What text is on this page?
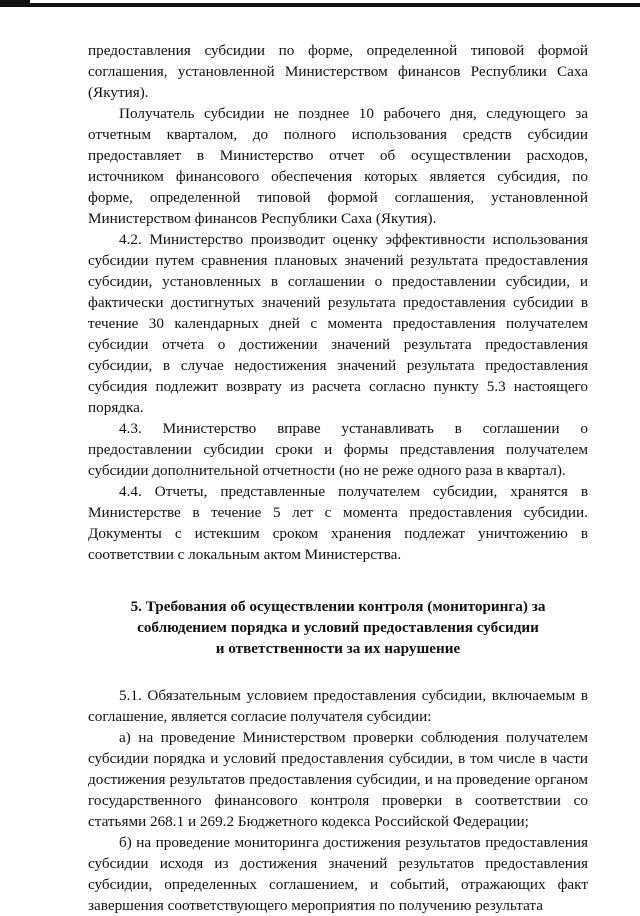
предоставления субсидии по форме, определенной типовой формой соглашения, установленной Министерством финансов Республики Саха (Якутия).

Получатель субсидии не позднее 10 рабочего дня, следующего за отчетным кварталом, до полного использования средств субсидии предоставляет в Министерство отчет об осуществлении расходов, источником финансового обеспечения которых является субсидия, по форме, определенной типовой формой соглашения, установленной Министерством финансов Республики Саха (Якутия).

4.2. Министерство производит оценку эффективности использования субсидии путем сравнения плановых значений результата предоставления субсидии, установленных в соглашении о предоставлении субсидии, и фактически достигнутых значений результата предоставления субсидии в течение 30 календарных дней с момента предоставления получателем субсидии отчета о достижении значений результата предоставления субсидии, в случае недостижения значений результата предоставления субсидия подлежит возврату из расчета согласно пункту 5.3 настоящего порядка.

4.3. Министерство вправе устанавливать в соглашении о предоставлении субсидии сроки и формы представления получателем субсидии дополнительной отчетности (но не реже одного раза в квартал).

4.4. Отчеты, представленные получателем субсидии, хранятся в Министерстве в течение 5 лет с момента предоставления субсидии. Документы с истекшим сроком хранения подлежат уничтожению в соответствии с локальным актом Министерства.

5. Требования об осуществлении контроля (мониторинга) за
соблюдением порядка и условий предоставления субсидии
и ответственности за их нарушение

5.1. Обязательным условием предоставления субсидии, включаемым в соглашение, является согласие получателя субсидии:

а) на проведение Министерством проверки соблюдения получателем субсидии порядка и условий предоставления субсидии, в том числе в части достижения результатов предоставления субсидии, и на проведение органом государственного финансового контроля проверки в соответствии со статьями 268.1 и 269.2 Бюджетного кодекса Российской Федерации;

б) на проведение мониторинга достижения результатов предоставления субсидии исходя из достижения значений результатов предоставления субсидии, определенных соглашением, и событий, отражающих факт завершения соответствующего мероприятия по получению результата
